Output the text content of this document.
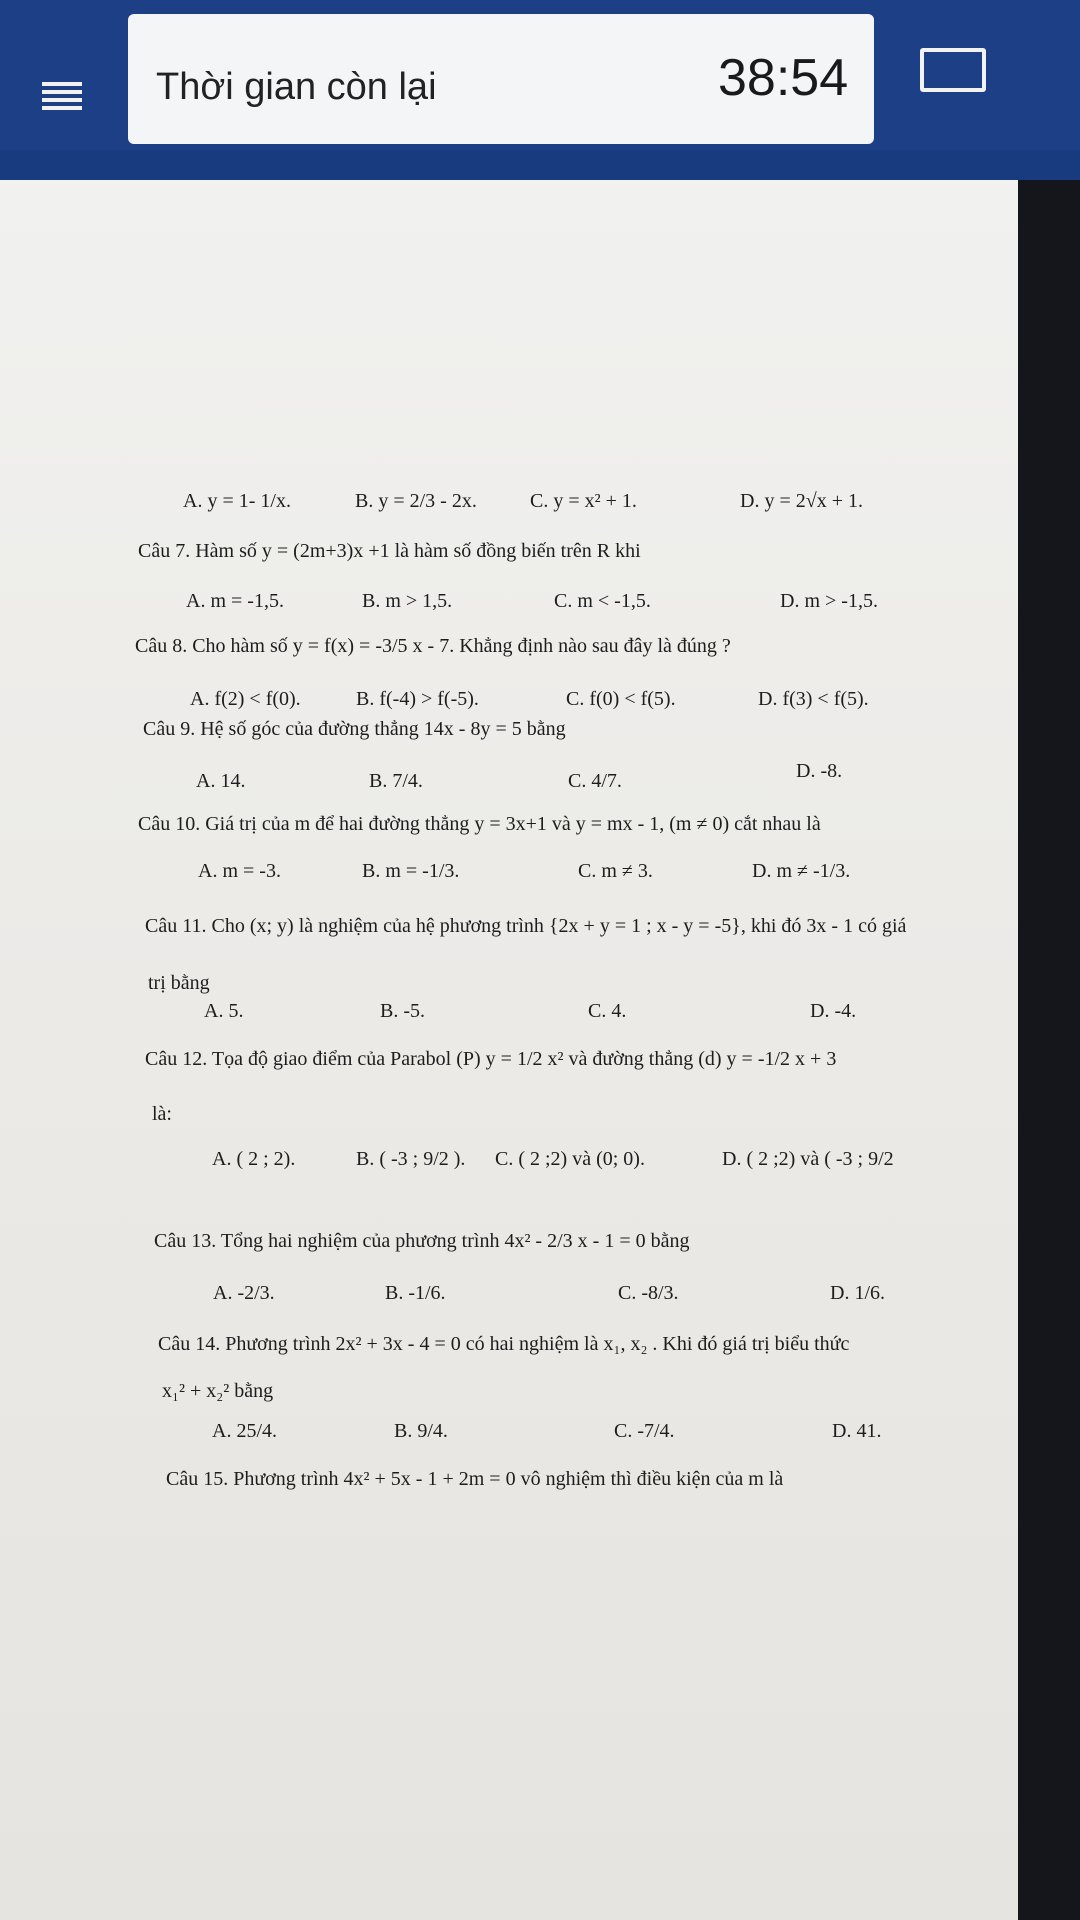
Thời gian còn lại	38:54
A. y = 1- 1/x.	B. y = 2/3 - 2x.	C. y = x² + 1.	D. y = 2√x + 1.
Câu 7. Hàm số y = (2m+3)x +1 là hàm số đồng biến trên R khi
A. m = -1,5.	B. m > 1,5.	C. m < -1,5.	D. m > -1,5.
Câu 8. Cho hàm số y = f(x) = -3/5 x - 7. Khẳng định nào sau đây là đúng ?
A. f(2) < f(0).	B. f(-4) > f(-5).	C. f(0) < f(5).	D. f(3) < f(5).
Câu 9. Hệ số góc của đường thẳng 14x - 8y = 5 bằng
A. 14.	B. 7/4.	C. 4/7.	D. -8.
Câu 10. Giá trị của m để hai đường thẳng y = 3x+1 và y = mx - 1, (m ≠ 0) cắt nhau là
A. m = -3.	B. m = -1/3.	C. m ≠ 3.	D. m ≠ -1/3.
Câu 11. Cho (x; y) là nghiệm của hệ phương trình {2x + y = 1 ; x - y = -5}, khi đó 3x - 1 có giá
trị bằng
A. 5.	B. -5.	C. 4.	D. -4.
Câu 12. Tọa độ giao điểm của Parabol (P) y = 1/2 x² và đường thẳng (d) y = -1/2 x + 3
là:
A. ( 2 ; 2).	B. ( -3 ; 9/2 ). C. ( 2 ;2) và (0; 0).	D. ( 2 ;2) và ( -3 ; 9/2
Câu 13. Tổng hai nghiệm của phương trình 4x² - 2/3 x - 1 = 0 bằng
A. -2/3.	B. -1/6.	C. -8/3.	D. 1/6.
Câu 14. Phương trình 2x² + 3x - 4 = 0 có hai nghiệm là x₁, x₂ . Khi đó giá trị biểu thức
x₁² + x₂² bằng
A. 25/4.	B. 9/4.	C. -7/4.	D. 41.
Câu 15. Phương trình 4x² + 5x - 1 + 2m = 0 vô nghiệm thì điều kiện của m là
